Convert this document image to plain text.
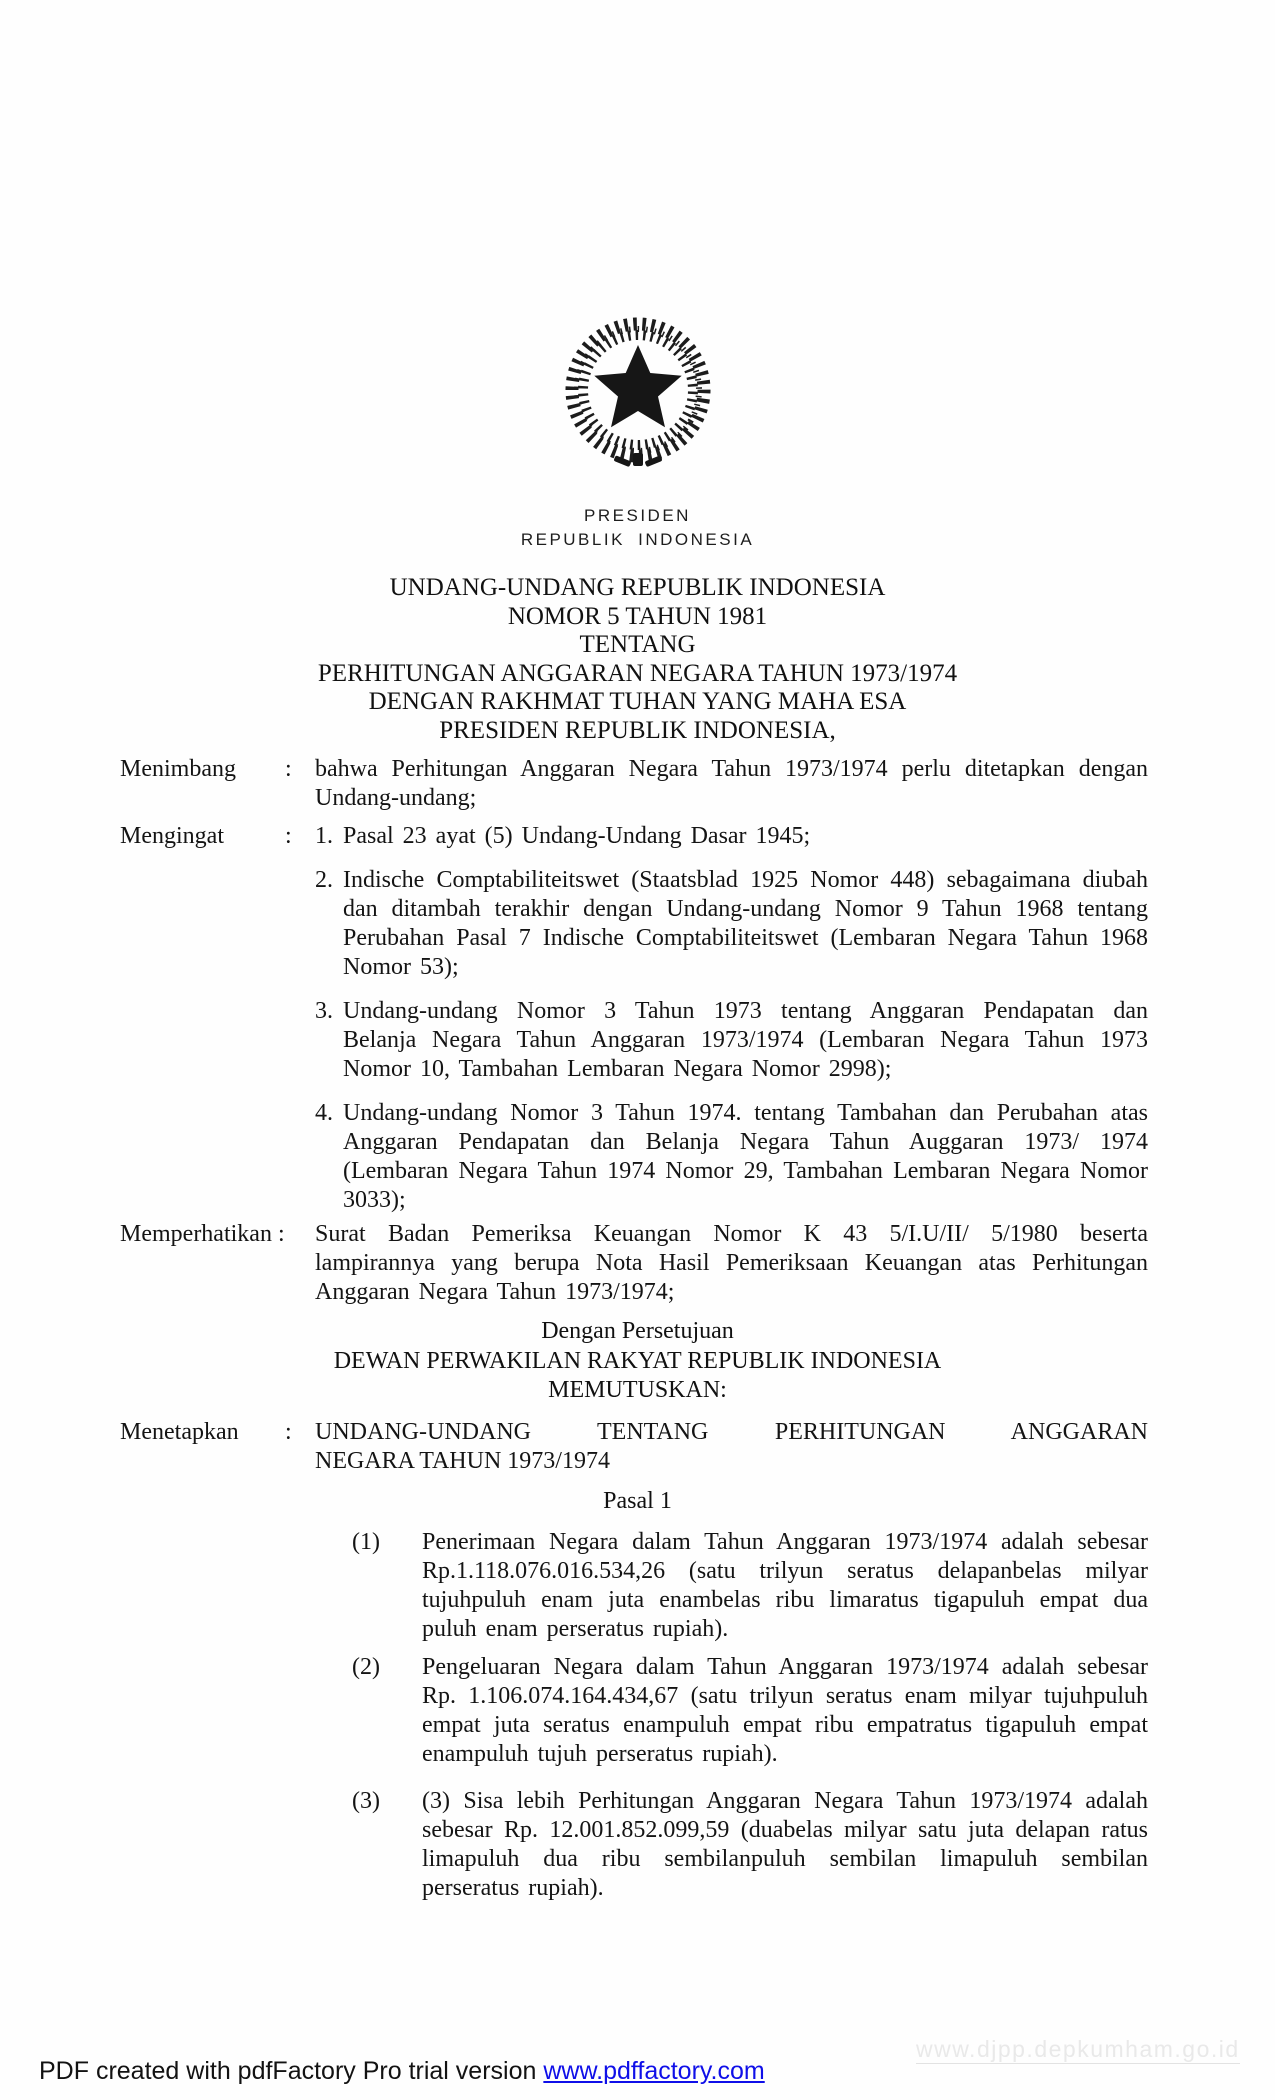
PRESIDEN
REPUBLIK INDONESIA
UNDANG-UNDANG REPUBLIK INDONESIA
NOMOR 5 TAHUN 1981
TENTANG
PERHITUNGAN ANGGARAN NEGARA TAHUN 1973/1974
DENGAN RAKHMAT TUHAN YANG MAHA ESA
PRESIDEN REPUBLIK INDONESIA,
Menimbang	: bahwa Perhitungan Anggaran Negara Tahun 1973/1974 perlu ditetapkan dengan Undang-undang;
Mengingat	: 1. Pasal 23 ayat (5) Undang-Undang Dasar 1945;
2. Indische Comptabiliteitswet (Staatsblad 1925 Nomor 448) sebagaimana diubah dan ditambah terakhir dengan Undang-undang Nomor 9 Tahun 1968 tentang Perubahan Pasal 7 Indische Comptabiliteitswet (Lembaran Negara Tahun 1968 Nomor 53);
3. Undang-undang Nomor 3 Tahun 1973 tentang Anggaran Pendapatan dan Belanja Negara Tahun Anggaran 1973/1974 (Lembaran Negara Tahun 1973 Nomor 10, Tambahan Lembaran Negara Nomor 2998);
4. Undang-undang Nomor 3 Tahun 1974. tentang Tambahan dan Perubahan atas Anggaran Pendapatan dan Belanja Negara Tahun Auggaran 1973/ 1974 (Lembaran Negara Tahun 1974 Nomor 29, Tambahan Lembaran Negara Nomor 3033);
Memperhatikan :	Surat Badan Pemeriksa Keuangan Nomor K 43 5/I.U/II/ 5/1980 beserta lampirannya yang berupa Nota Hasil Pemeriksaan Keuangan atas Perhitungan Anggaran Negara Tahun 1973/1974;
Dengan Persetujuan
DEWAN PERWAKILAN RAKYAT REPUBLIK INDONESIA
MEMUTUSKAN:
Menetapkan	: UNDANG-UNDANG TENTANG PERHITUNGAN ANGGARAN
NEGARA TAHUN 1973/1974
Pasal 1
(1)	Penerimaan Negara dalam Tahun Anggaran 1973/1974 adalah sebesar Rp.1.118.076.016.534,26 (satu trilyun seratus delapanbelas milyar tujuhpuluh enam juta enambelas ribu limaratus tigapuluh empat dua puluh enam perseratus rupiah).
(2)	Pengeluaran Negara dalam Tahun Anggaran 1973/1974 adalah sebesar Rp. 1.106.074.164.434,67 (satu trilyun seratus enam milyar tujuhpuluh empat juta seratus enampuluh empat ribu empatratus tigapuluh empat enampuluh tujuh perseratus rupiah).
(3)	(3) Sisa lebih Perhitungan Anggaran Negara Tahun 1973/1974 adalah sebesar Rp. 12.001.852.099,59 (duabelas milyar satu juta delapan ratus limapuluh dua ribu sembilanpuluh sembilan limapuluh sembilan perseratus rupiah).
www.djpp.depkumham.go.id
PDF created with pdfFactory Pro trial version www.pdffactory.com
